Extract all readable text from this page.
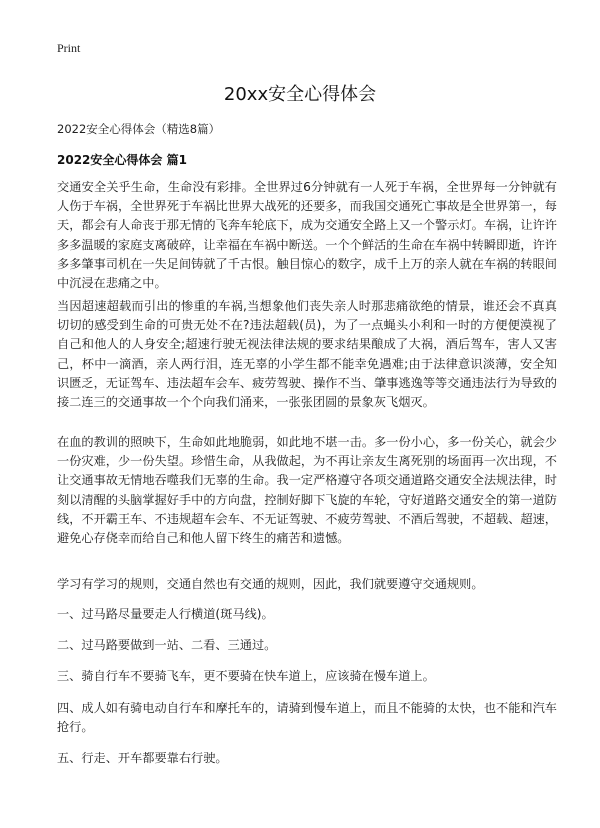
Print
20xx安全心得体会
2022安全心得体会（精选8篇）
2022安全心得体会 篇1

交通安全关乎生命，生命没有彩排。全世界过6分钟就有一人死于车祸，全世界每一分钟就有人伤于车祸，全世界死于车祸比世界大战死的还要多，而我国交通死亡事故是全世界第一，每天，都会有人命丧于那无情的飞奔车轮底下，成为交通安全路上又一个警示灯。车祸，让许许多多温暖的家庭支离破碎，让幸福在车祸中断送。一个个鲜活的生命在车祸中转瞬即逝，许许多多肇事司机在一失足间铸就了千古恨。触目惊心的数字，成千上万的亲人就在车祸的转眼间中沉浸在悲痛之中。

当因超速超载而引出的惨重的车祸,当想象他们丧失亲人时那悲痛欲绝的情景，谁还会不真真切切的感受到生命的可贵无处不在?违法超载(员)，为了一点蝇头小利和一时的方便便漠视了自己和他人的人身安全;超速行驶无视法律法规的要求结果酿成了大祸，酒后驾车，害人又害己，杯中一滴酒，亲人两行泪，连无辜的小学生都不能幸免遇难;由于法律意识淡薄，安全知识匮乏，无证驾车、违法超车会车、疲劳驾驶、操作不当、肇事逃逸等等交通违法行为导致的接二连三的交通事故一个个向我们涌来，一张张团圆的景象灰飞烟灭。

在血的教训的照映下，生命如此地脆弱，如此地不堪一击。多一份小心，多一份关心，就会少一份灾难，少一份失望。珍惜生命，从我做起，为不再让亲友生离死别的场面再一次出现，不让交通事故无情地吞噬我们无辜的生命。我一定严格遵守各项交通道路交通安全法规法律，时刻以清醒的头脑掌握好手中的方向盘，控制好脚下飞旋的车轮，守好道路交通安全的第一道防线，不开霸王车、不违规超车会车、不无证驾驶、不疲劳驾驶、不酒后驾驶，不超载、超速，避免心存侥幸而给自己和他人留下终生的痛苦和遗憾。

学习有学习的规则，交通自然也有交通的规则，因此，我们就要遵守交通规则。

一、过马路尽量要走人行横道(斑马线)。

二、过马路要做到一站、二看、三通过。

三、骑自行车不要骑飞车，更不要骑在快车道上，应该骑在慢车道上。

四、成人如有骑电动自行车和摩托车的，请骑到慢车道上，而且不能骑的太快，也不能和汽车抢行。

五、行走、开车都要靠右行驶。
